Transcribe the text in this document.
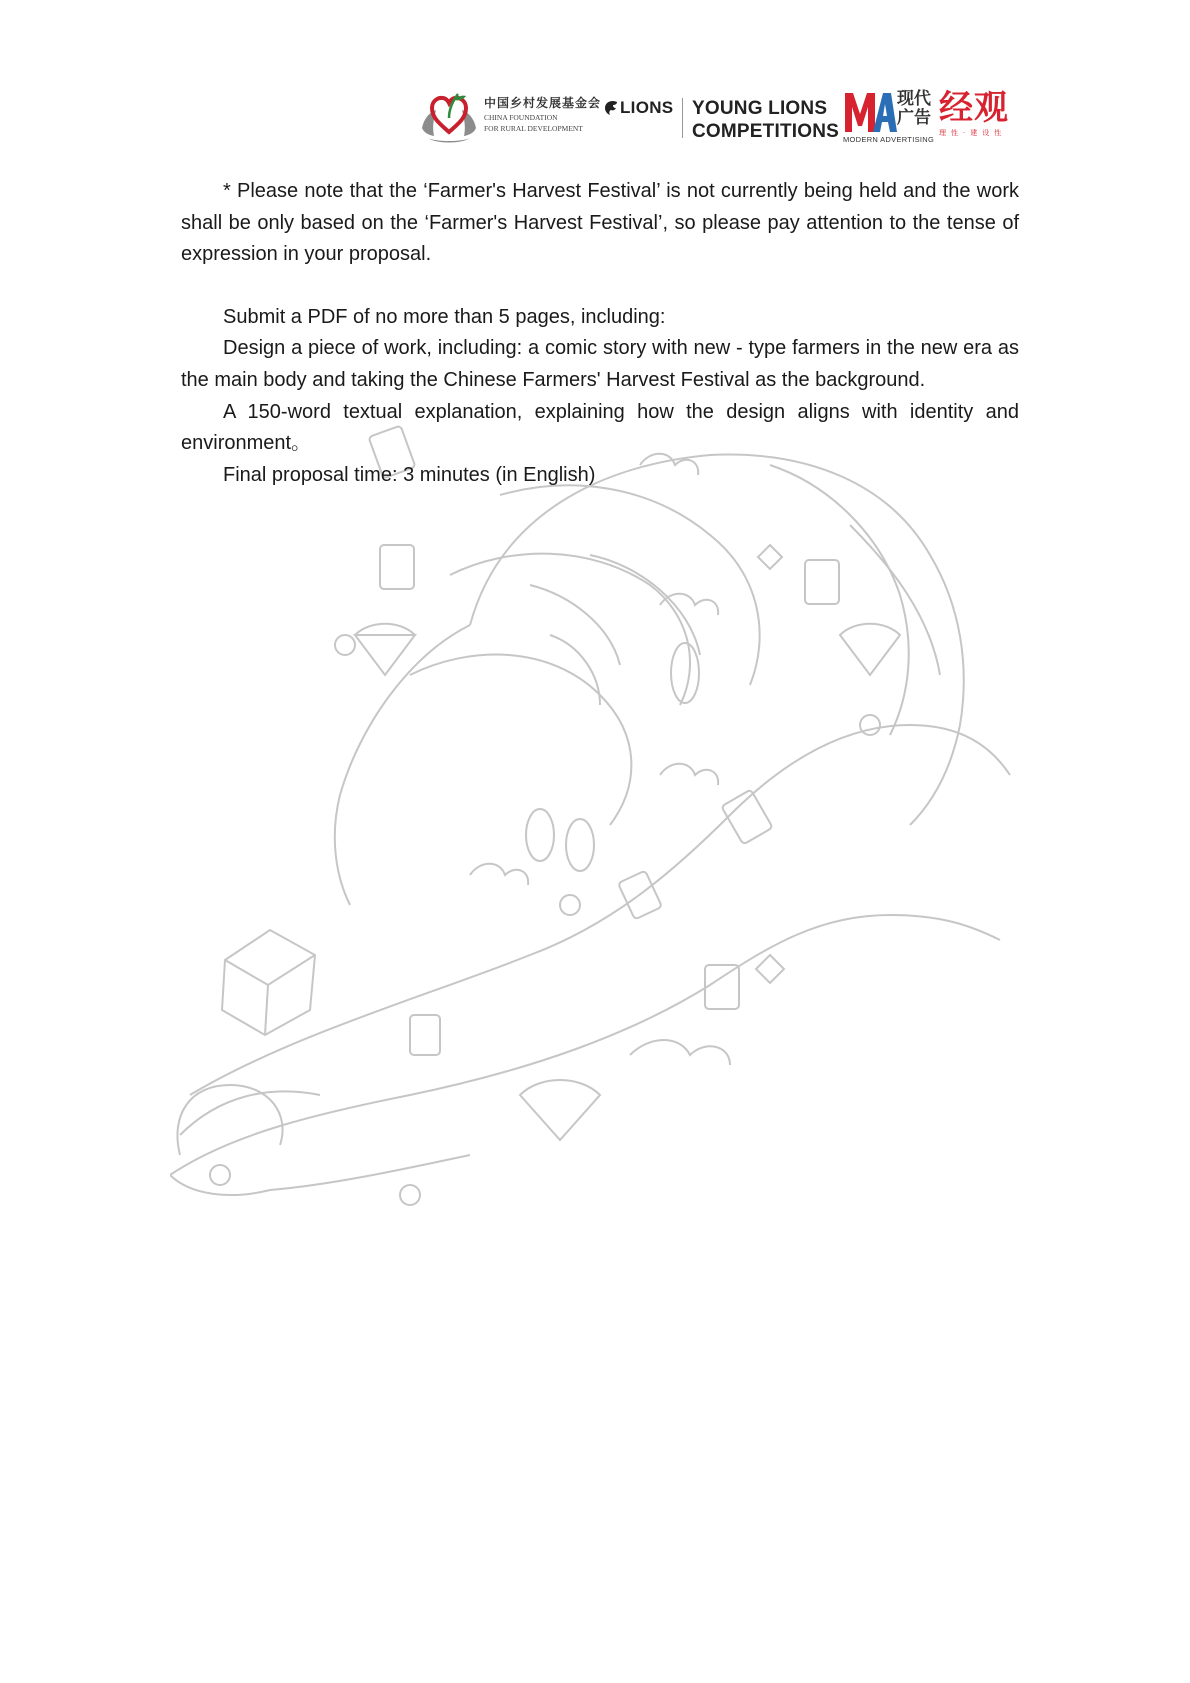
中国乡村发展基金会
CHINA FOUNDATION
FOR RURAL DEVELOPMENT
LIONS YOUNG LIONS
COMPETITIONS
现代
广告
MODERN ADVERTISING
经观
理性·建设性

* Please note that the ‘Farmer's Harvest Festival’ is not currently being held and the work shall be only based on the ‘Farmer's Harvest Festival’, so please pay attention to the tense of expression in your proposal.

Submit a PDF of no more than 5 pages, including:

Design a piece of work, including: a comic story with new - type farmers in the new era as the main body and taking the Chinese Farmers' Harvest Festival as the background.

A 150-word textual explanation, explaining how the design aligns with identity and environment。

Final proposal time: 3 minutes (in English)
